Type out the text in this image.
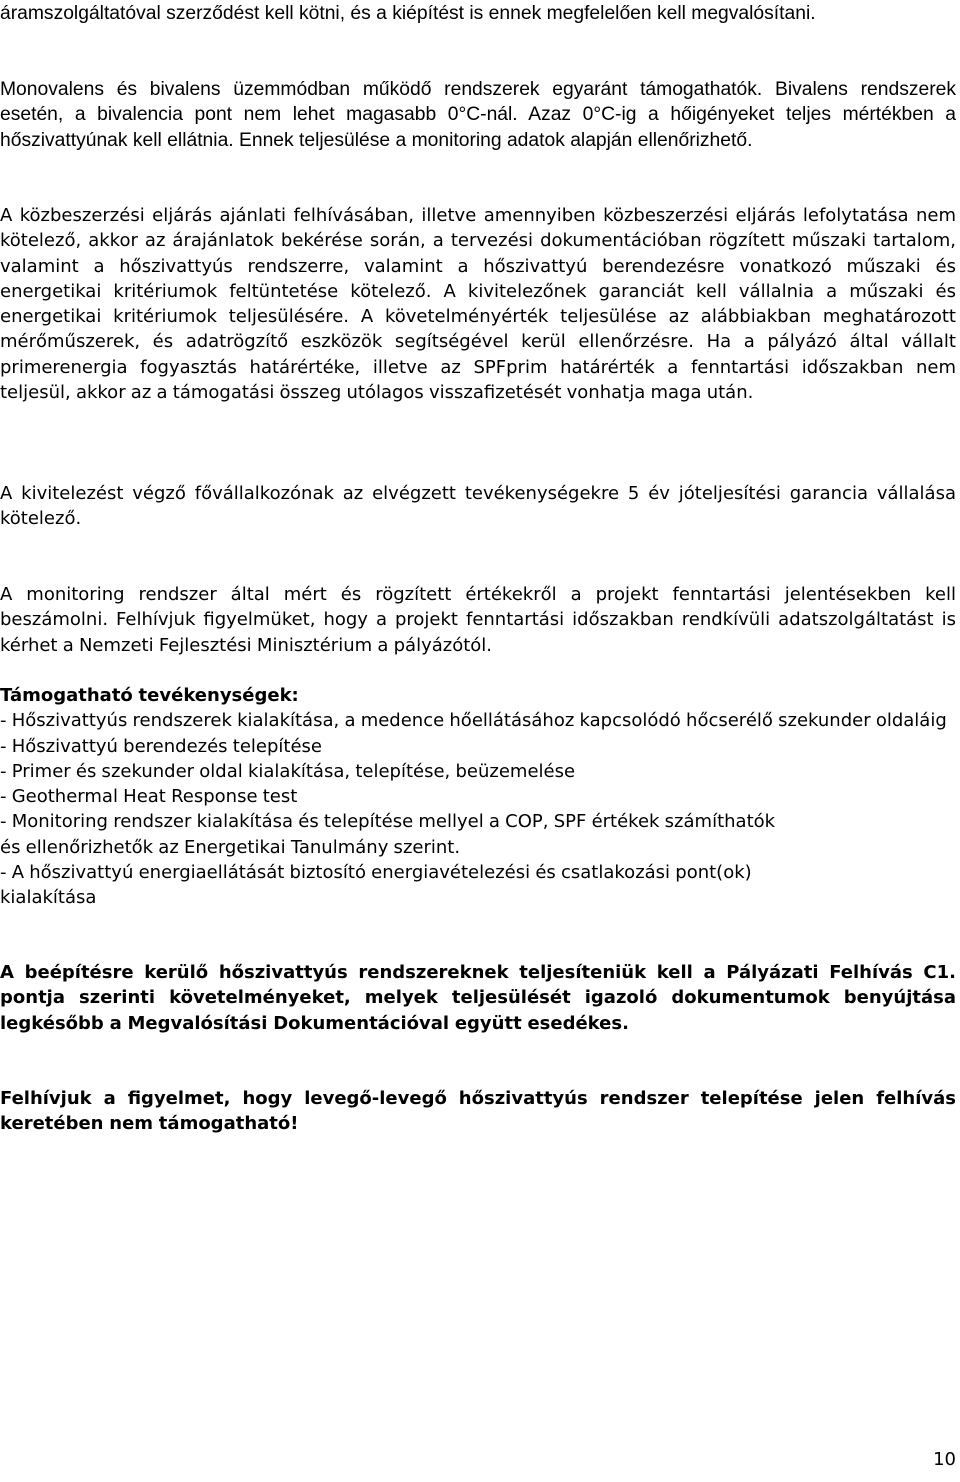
áramszolgáltatóval szerződést kell kötni, és a kiépítést is ennek megfelelően kell megvalósítani.

Monovalens és bivalens üzemmódban működő rendszerek egyaránt támogathatók. Bivalens rendszerek esetén, a bivalencia pont nem lehet magasabb 0°C-nál. Azaz 0°C-ig a hőigényeket teljes mértékben a hőszivattyúnak kell ellátnia. Ennek teljesülése a monitoring adatok alapján ellenőrizhető.

A közbeszerzési eljárás ajánlati felhívásában, illetve amennyiben közbeszerzési eljárás lefolytatása nem kötelező, akkor az árajánlatok bekérése során, a tervezési dokumentációban rögzített műszaki tartalom, valamint a hőszivattyús rendszerre, valamint a hőszivattyú berendezésre vonatkozó műszaki és energetikai kritériumok feltüntetése kötelező. A kivitelezőnek garanciát kell vállalnia a műszaki és energetikai kritériumok teljesülésére. A követelményérték teljesülése az alábbiakban meghatározott mérőműszerek, és adatrögzítő eszközök segítségével kerül ellenőrzésre. Ha a pályázó által vállalt primerenergia fogyasztás határértéke, illetve az SPFprim határérték a fenntartási időszakban nem teljesül, akkor az a támogatási összeg utólagos visszafizetését vonhatja maga után.

A kivitelezést végző fővállalkozónak az elvégzett tevékenységekre 5 év jóteljesítési garancia vállalása kötelező.

A monitoring rendszer által mért és rögzített értékekről a projekt fenntartási jelentésekben kell beszámolni. Felhívjuk figyelmüket, hogy a projekt fenntartási időszakban rendkívüli adatszolgáltatást is kérhet a Nemzeti Fejlesztési Minisztérium a pályázótól.

Támogatható tevékenységek:

- Hőszivattyús rendszerek kialakítása, a medence hőellátásához kapcsolódó hőcserélő szekunder oldaláig

- Hőszivattyú berendezés telepítése

- Primer és szekunder oldal kialakítása, telepítése, beüzemelése

- Geothermal Heat Response test

- Monitoring rendszer kialakítása és telepítése mellyel a COP, SPF értékek számíthatók és ellenőrizhetők az Energetikai Tanulmány szerint.

- A hőszivattyú energiaellátását biztosító energiavételezési és csatlakozási pont(ok) kialakítása

A beépítésre kerülő hőszivattyús rendszereknek teljesíteniük kell a Pályázati Felhívás C1. pontja szerinti követelményeket, melyek teljesülését igazoló dokumentumok benyújtása legkésőbb a Megvalósítási Dokumentációval együtt esedékes.

Felhívjuk a figyelmet, hogy levegő-levegő hőszivattyús rendszer telepítése jelen felhívás keretében nem támogatható!

10
